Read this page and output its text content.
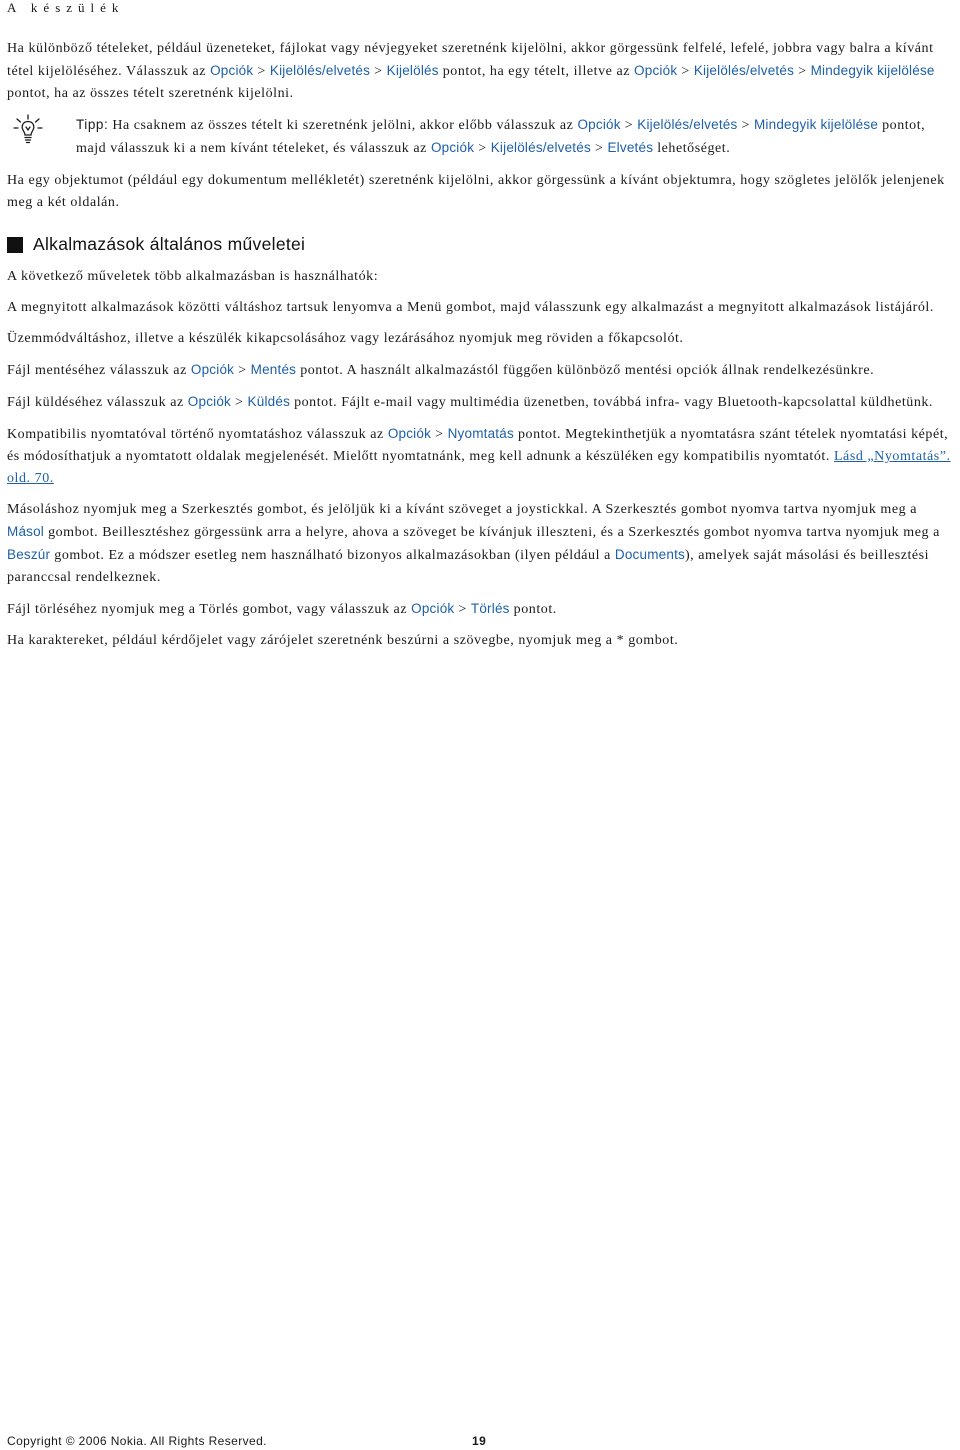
A készülék

Ha különböző tételeket, például üzeneteket, fájlokat vagy névjegyeket szeretnénk kijelölni, akkor görgessünk felfelé, lefelé, jobbra vagy balra a kívánt tétel kijelöléséhez. Válasszuk az Opciók > Kijelölés/elvetés > Kijelölés pontot, ha egy tételt, illetve az Opciók > Kijelölés/elvetés > Mindegyik kijelölése pontot, ha az összes tételt szeretnénk kijelölni.

Tipp: Ha csaknem az összes tételt ki szeretnénk jelölni, akkor előbb válasszuk az Opciók > Kijelölés/elvetés > Mindegyik kijelölése pontot, majd válasszuk ki a nem kívánt tételeket, és válasszuk az Opciók > Kijelölés/elvetés > Elvetés lehetőséget.

Ha egy objektumot (például egy dokumentum mellékletét) szeretnénk kijelölni, akkor görgessünk a kívánt objektumra, hogy szögletes jelölők jelenjenek meg a két oldalán.

Alkalmazások általános műveletei

A következő műveletek több alkalmazásban is használhatók:

A megnyitott alkalmazások közötti váltáshoz tartsuk lenyomva a Menü gombot, majd válasszunk egy alkalmazást a megnyitott alkalmazások listájáról.

Üzemmódváltáshoz, illetve a készülék kikapcsolásához vagy lezárásához nyomjuk meg röviden a főkapcsolót.

Fájl mentéséhez válasszuk az Opciók > Mentés pontot. A használt alkalmazástól függően különböző mentési opciók állnak rendelkezésünkre.

Fájl küldéséhez válasszuk az Opciók > Küldés pontot. Fájlt e-mail vagy multimédia üzenetben, továbbá infra- vagy Bluetooth-kapcsolattal küldhetünk.

Kompatibilis nyomtatóval történő nyomtatáshoz válasszuk az Opciók > Nyomtatás pontot. Megtekinthetjük a nyomtatásra szánt tételek nyomtatási képét, és módosíthatjuk a nyomtatott oldalak megjelenését. Mielőtt nyomtatnánk, meg kell adnunk a készüléken egy kompatibilis nyomtatót. Lásd „Nyomtatás”. old. 70.

Másoláshoz nyomjuk meg a Szerkesztés gombot, és jelöljük ki a kívánt szöveget a joystickkal. A Szerkesztés gombot nyomva tartva nyomjuk meg a Másol gombot. Beillesztéshez görgessünk arra a helyre, ahova a szöveget be kívánjuk illeszteni, és a Szerkesztés gombot nyomva tartva nyomjuk meg a Beszúr gombot. Ez a módszer esetleg nem használható bizonyos alkalmazásokban (ilyen például a Documents), amelyek saját másolási és beillesztési paranccsal rendelkeznek.

Fájl törléséhez nyomjuk meg a Törlés gombot, vagy válasszuk az Opciók > Törlés pontot.

Ha karaktereket, például kérdőjelet vagy zárójelet szeretnénk beszúrni a szövegbe, nyomjuk meg a * gombot.

Copyright © 2006 Nokia. All Rights Reserved.	19
